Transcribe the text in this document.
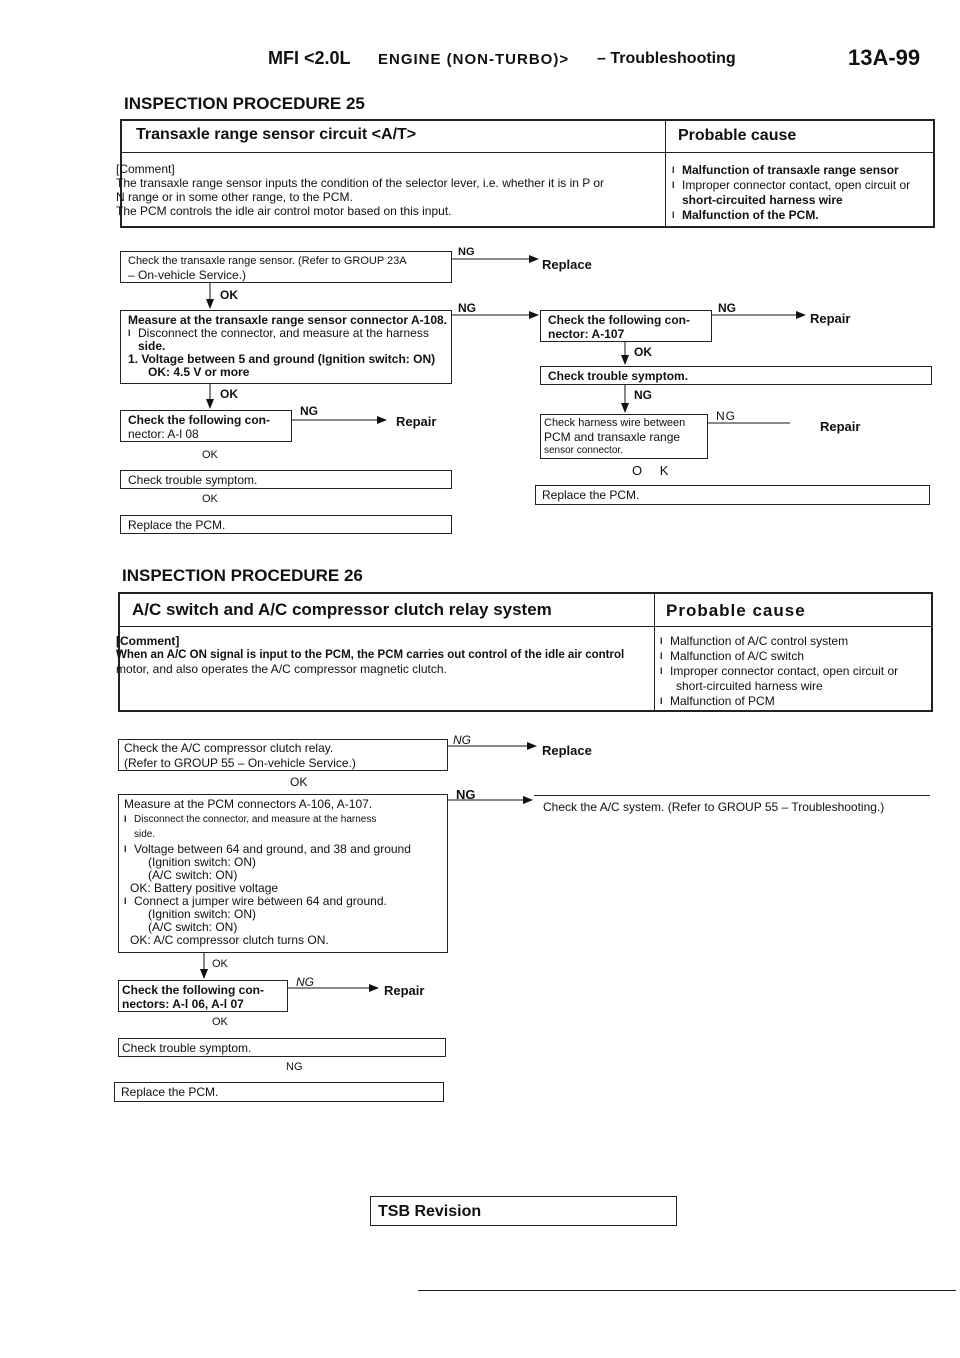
MFI <2.0L ENGINE (NON-TURBO)> – Troubleshooting	13A-99
INSPECTION PROCEDURE 25
Transaxle range sensor circuit <A/T>	Probable cause
[Comment]
The transaxle range sensor inputs the condition of the selector lever, i.e. whether it is in P or
N range or in some other range, to the PCM.
The PCM controls the idle air control motor based on this input.
l Malfunction of transaxle range sensor
l Improper connector contact, open circuit or
short-circuited harness wire
l Malfunction of the PCM.
Check the transaxle range sensor. (Refer to GROUP 23A
– On-vehicle Service.)
NG
Replace
OK
Measure at the transaxle range sensor connector A-108.
l Disconnect the connector, and measure at the harness
side.
1. Voltage between 5 and ground (Ignition switch: ON)
OK: 4.5 V or more
NG
Check the following con-
nector: A-107
NG
Repair
OK
Check trouble symptom.
NG
Check harness wire between
PCM and transaxle range
sensor connector.
NG
Repair
O K
Replace the PCM.
OK
Check the following con-
nector: A-l 08
NG
Repair
OK
Check trouble symptom.
OK
Replace the PCM.
INSPECTION PROCEDURE 26
A/C switch and A/C compressor clutch relay system	Probable cause
[Comment]
When an A/C ON signal is input to the PCM, the PCM carries out control of the idle air control
motor, and also operates the A/C compressor magnetic clutch.
l Malfunction of A/C control system
l Malfunction of A/C switch
l Improper connector contact, open circuit or
short-circuited harness wire
l Malfunction of PCM
Check the A/C compressor clutch relay.
(Refer to GROUP 55 – On-vehicle Service.)
NG
Replace
OK
Measure at the PCM connectors A-106, A-107.
l Disconnect the connector, and measure at the harness
side.
l Voltage between 64 and ground, and 38 and ground
(Ignition switch: ON)
(A/C switch: ON)
OK: Battery positive voltage
l Connect a jumper wire between 64 and ground.
(Ignition switch: ON)
(A/C switch: ON)
OK: A/C compressor clutch turns ON.
NG
Check the A/C system. (Refer to GROUP 55 – Troubleshooting.)
OK
Check the following con-
nectors: A-l 06, A-l 07
NG
Repair
OK
Check trouble symptom.
NG
Replace the PCM.
TSB Revision
